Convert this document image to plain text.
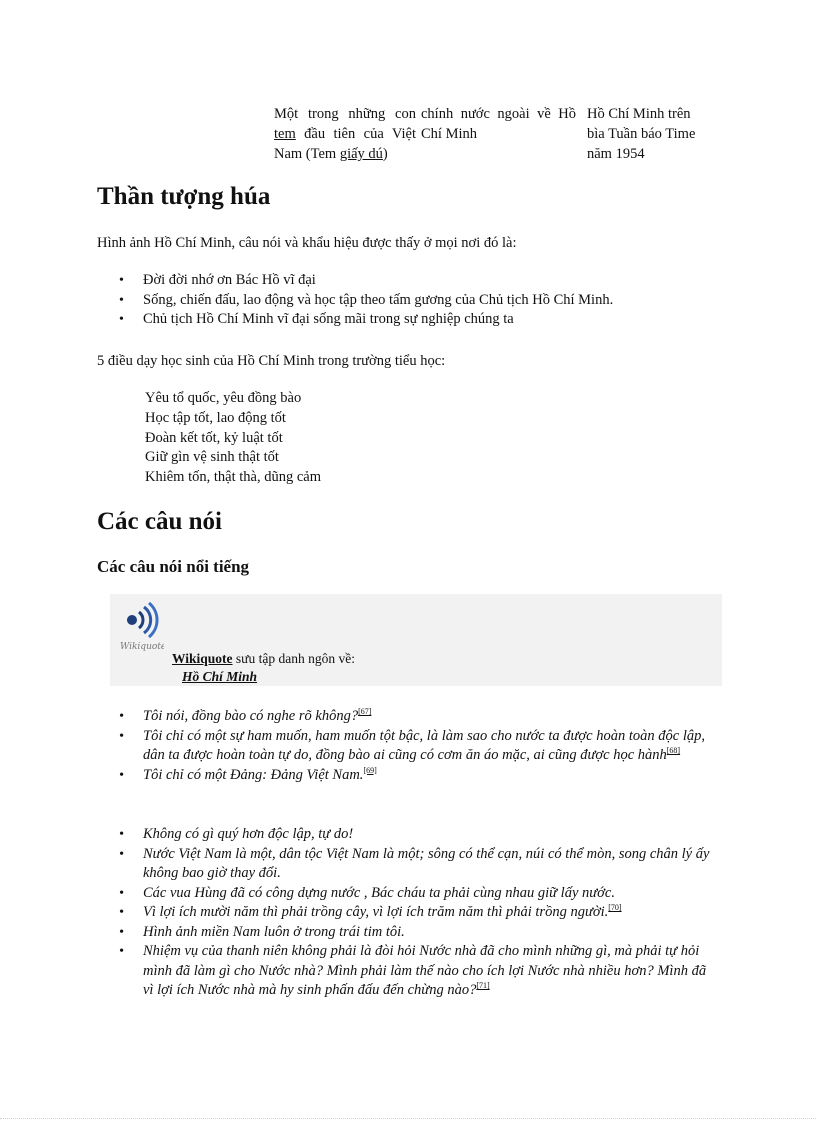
Một trong những con tem đầu tiên của Việt Nam (Tem giấy dú)
chính nước ngoài về Hồ Chí Minh
Hồ Chí Minh trên bìa Tuần báo Time năm 1954
Thần tượng húa
Hình ảnh Hồ Chí Minh, câu nói và khẩu hiệu được thấy ở mọi nơi đó là:
• Đời đời nhớ ơn Bác Hồ vĩ đại
• Sống, chiến đấu, lao động và học tập theo tấm gương của Chủ tịch Hồ Chí Minh.
• Chủ tịch Hồ Chí Minh vĩ đại sống mãi trong sự nghiệp chúng ta
5 điều dạy học sinh của Hồ Chí Minh trong trường tiểu học:
Yêu tổ quốc, yêu đồng bào
Học tập tốt, lao động tốt
Đoàn kết tốt, kỷ luật tốt
Giữ gìn vệ sinh thật tốt
Khiêm tốn, thật thà, dũng cảm
Các câu nói
Các câu nói nổi tiếng
Wikiquote
Wikiquote sưu tập danh ngôn về:
Hồ Chí Minh
• Tôi nói, đồng bào có nghe rõ không?[67]
• Tôi chỉ có một sự ham muốn, ham muốn tột bậc, là làm sao cho nước ta được hoàn toàn độc lập, dân ta được hoàn toàn tự do, đồng bào ai cũng có cơm ăn áo mặc, ai cũng được học hành[68]
• Tôi chỉ có một Đảng: Đảng Việt Nam.[69]
• Không có gì quý hơn độc lập, tự do!
• Nước Việt Nam là một, dân tộc Việt Nam là một; sông có thể cạn, núi có thể mòn, song chân lý ấy không bao giờ thay đổi.
• Các vua Hùng đã có công dựng nước , Bác cháu ta phải cùng nhau giữ lấy nước.
• Vì lợi ích mười năm thì phải trồng cây, vì lợi ích trăm năm thì phải trồng người.[70]
• Hình ảnh miền Nam luôn ở trong trái tim tôi.
• Nhiệm vụ của thanh niên không phải là đòi hỏi Nước nhà đã cho mình những gì, mà phải tự hỏi mình đã làm gì cho Nước nhà? Mình phải làm thế nào cho ích lợi Nước nhà nhiều hơn? Mình đã vì lợi ích Nước nhà mà hy sinh phấn đấu đến chừng nào?[71]
